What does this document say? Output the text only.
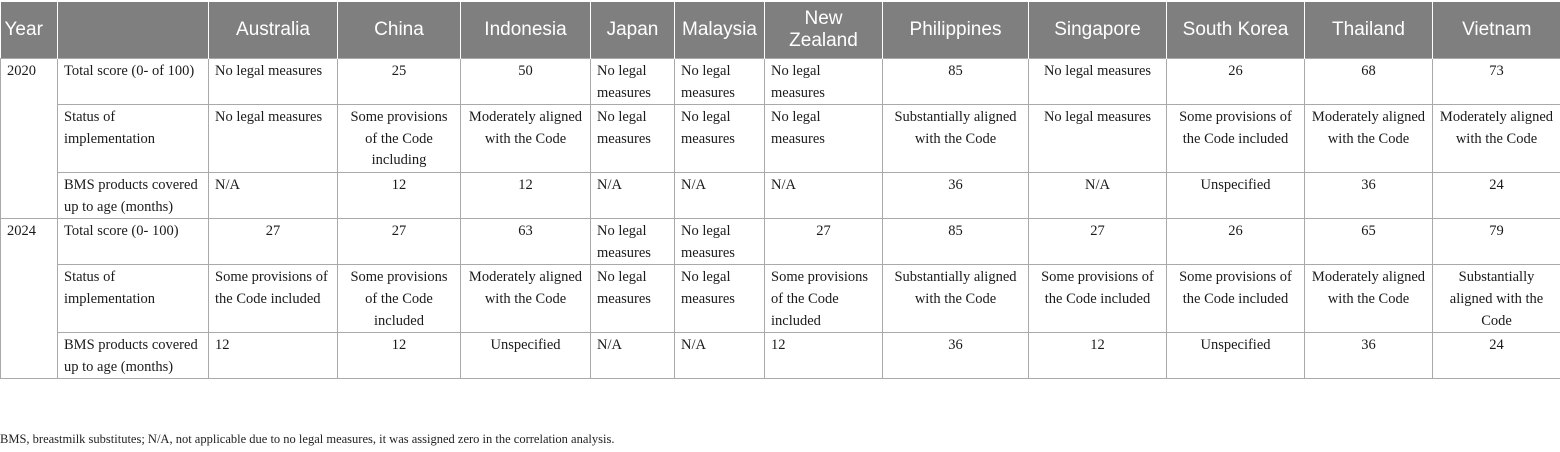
Year		Australia	China	Indonesia	Japan	Malaysia	New Zealand	Philippines	Singapore	South Korea	Thailand	Vietnam
2020	Total score (0- of 100)	No legal measures	25	50	No legal measures	No legal measures	No legal measures	85	No legal measures	26	68	73
	Status of implementation	No legal measures	Some provisions of the Code including	Moderately aligned with the Code	No legal measures	No legal measures	No legal measures	Substantially aligned with the Code	No legal measures	Some provisions of the Code included	Moderately aligned with the Code	Moderately aligned with the Code
	BMS products covered up to age (months)	N/A	12	12	N/A	N/A	N/A	36	N/A	Unspecified	36	24
2024	Total score (0- 100)	27	27	63	No legal measures	No legal measures	27	85	27	26	65	79
	Status of implementation	Some provisions of the Code included	Some provisions of the Code included	Moderately aligned with the Code	No legal measures	No legal measures	Some provisions of the Code included	Substantially aligned with the Code	Some provisions of the Code included	Some provisions of the Code included	Moderately aligned with the Code	Substantially aligned with the Code
	BMS products covered up to age (months)	12	12	Unspecified	N/A	N/A	12	36	12	Unspecified	36	24
BMS, breastmilk substitutes; N/A, not applicable due to no legal measures, it was assigned zero in the correlation analysis.
